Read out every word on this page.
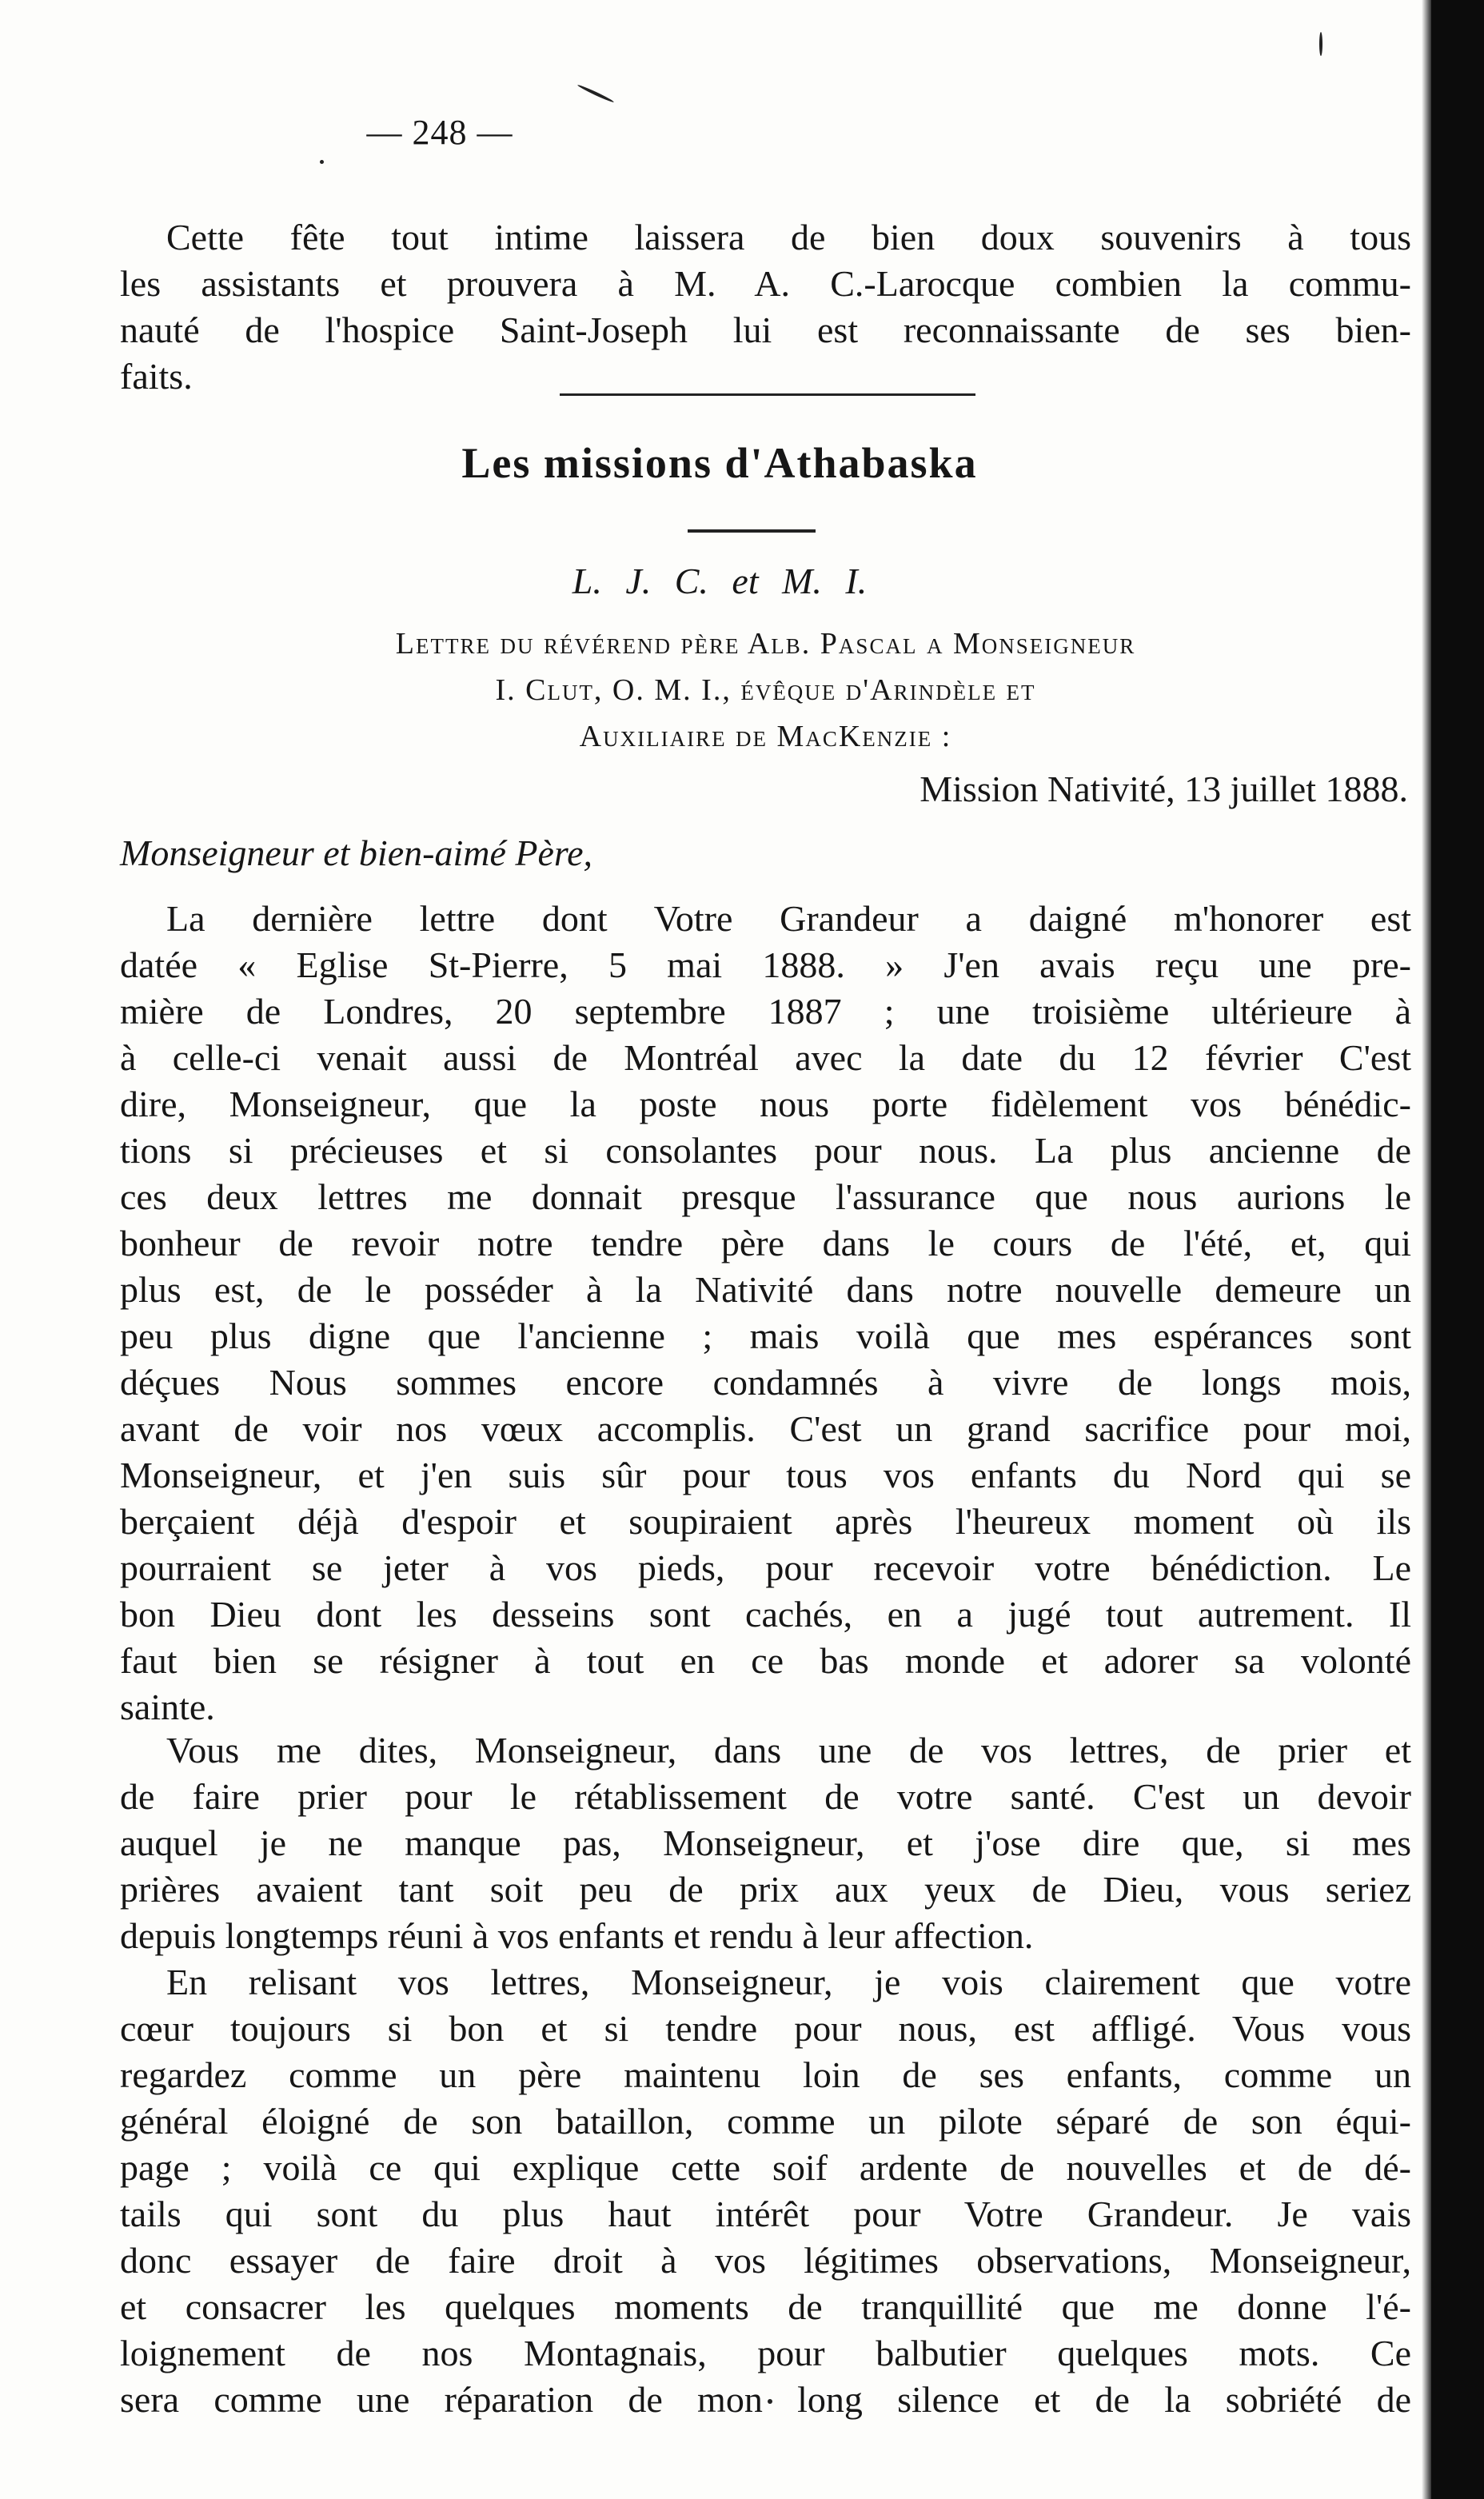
— 248 —
Cette fête tout intime laissera de bien doux souvenirs à tous
les assistants et prouvera à M. A. C.-Larocque combien la commu-
nauté de l'hospice Saint-Joseph lui est reconnaissante de ses bien-
faits.
Les missions d'Athabaska
L. J. C. et M. I.
Lettre du révérend père Alb. Pascal a Monseigneur
I. Clut, O. M. I., évêque d'Arindèle et
Auxiliaire de MacKenzie :
Mission Nativité, 13 juillet 1888.
Monseigneur et bien-aimé Père,
La dernière lettre dont Votre Grandeur a daigné m'honorer est
datée « Eglise St-Pierre, 5 mai 1888. » J'en avais reçu une pre-
mière de Londres, 20 septembre 1887 ; une troisième ultérieure à
à celle-ci venait aussi de Montréal avec la date du 12 février C'est
dire, Monseigneur, que la poste nous porte fidèlement vos bénédic-
tions si précieuses et si consolantes pour nous. La plus ancienne de
ces deux lettres me donnait presque l'assurance que nous aurions le
bonheur de revoir notre tendre père dans le cours de l'été, et, qui
plus est, de le posséder à la Nativité dans notre nouvelle demeure un
peu plus digne que l'ancienne ; mais voilà que mes espérances sont
déçues Nous sommes encore condamnés à vivre de longs mois,
avant de voir nos vœux accomplis. C'est un grand sacrifice pour moi,
Monseigneur, et j'en suis sûr pour tous vos enfants du Nord qui se
berçaient déjà d'espoir et soupiraient après l'heureux moment où ils
pourraient se jeter à vos pieds, pour recevoir votre bénédiction. Le
bon Dieu dont les desseins sont cachés, en a jugé tout autrement. Il
faut bien se résigner à tout en ce bas monde et adorer sa volonté
sainte.
Vous me dites, Monseigneur, dans une de vos lettres, de prier et
de faire prier pour le rétablissement de votre santé. C'est un devoir
auquel je ne manque pas, Monseigneur, et j'ose dire que, si mes
prières avaient tant soit peu de prix aux yeux de Dieu, vous seriez
depuis longtemps réuni à vos enfants et rendu à leur affection.
En relisant vos lettres, Monseigneur, je vois clairement que votre
cœur toujours si bon et si tendre pour nous, est affligé. Vous vous
regardez comme un père maintenu loin de ses enfants, comme un
général éloigné de son bataillon, comme un pilote séparé de son équi-
page ; voilà ce qui explique cette soif ardente de nouvelles et de dé-
tails qui sont du plus haut intérêt pour Votre Grandeur. Je vais
donc essayer de faire droit à vos légitimes observations, Monseigneur,
et consacrer les quelques moments de tranquillité que me donne l'é-
loignement de nos Montagnais, pour balbutier quelques mots. Ce
sera comme une réparation de mon long silence et de la sobriété de
